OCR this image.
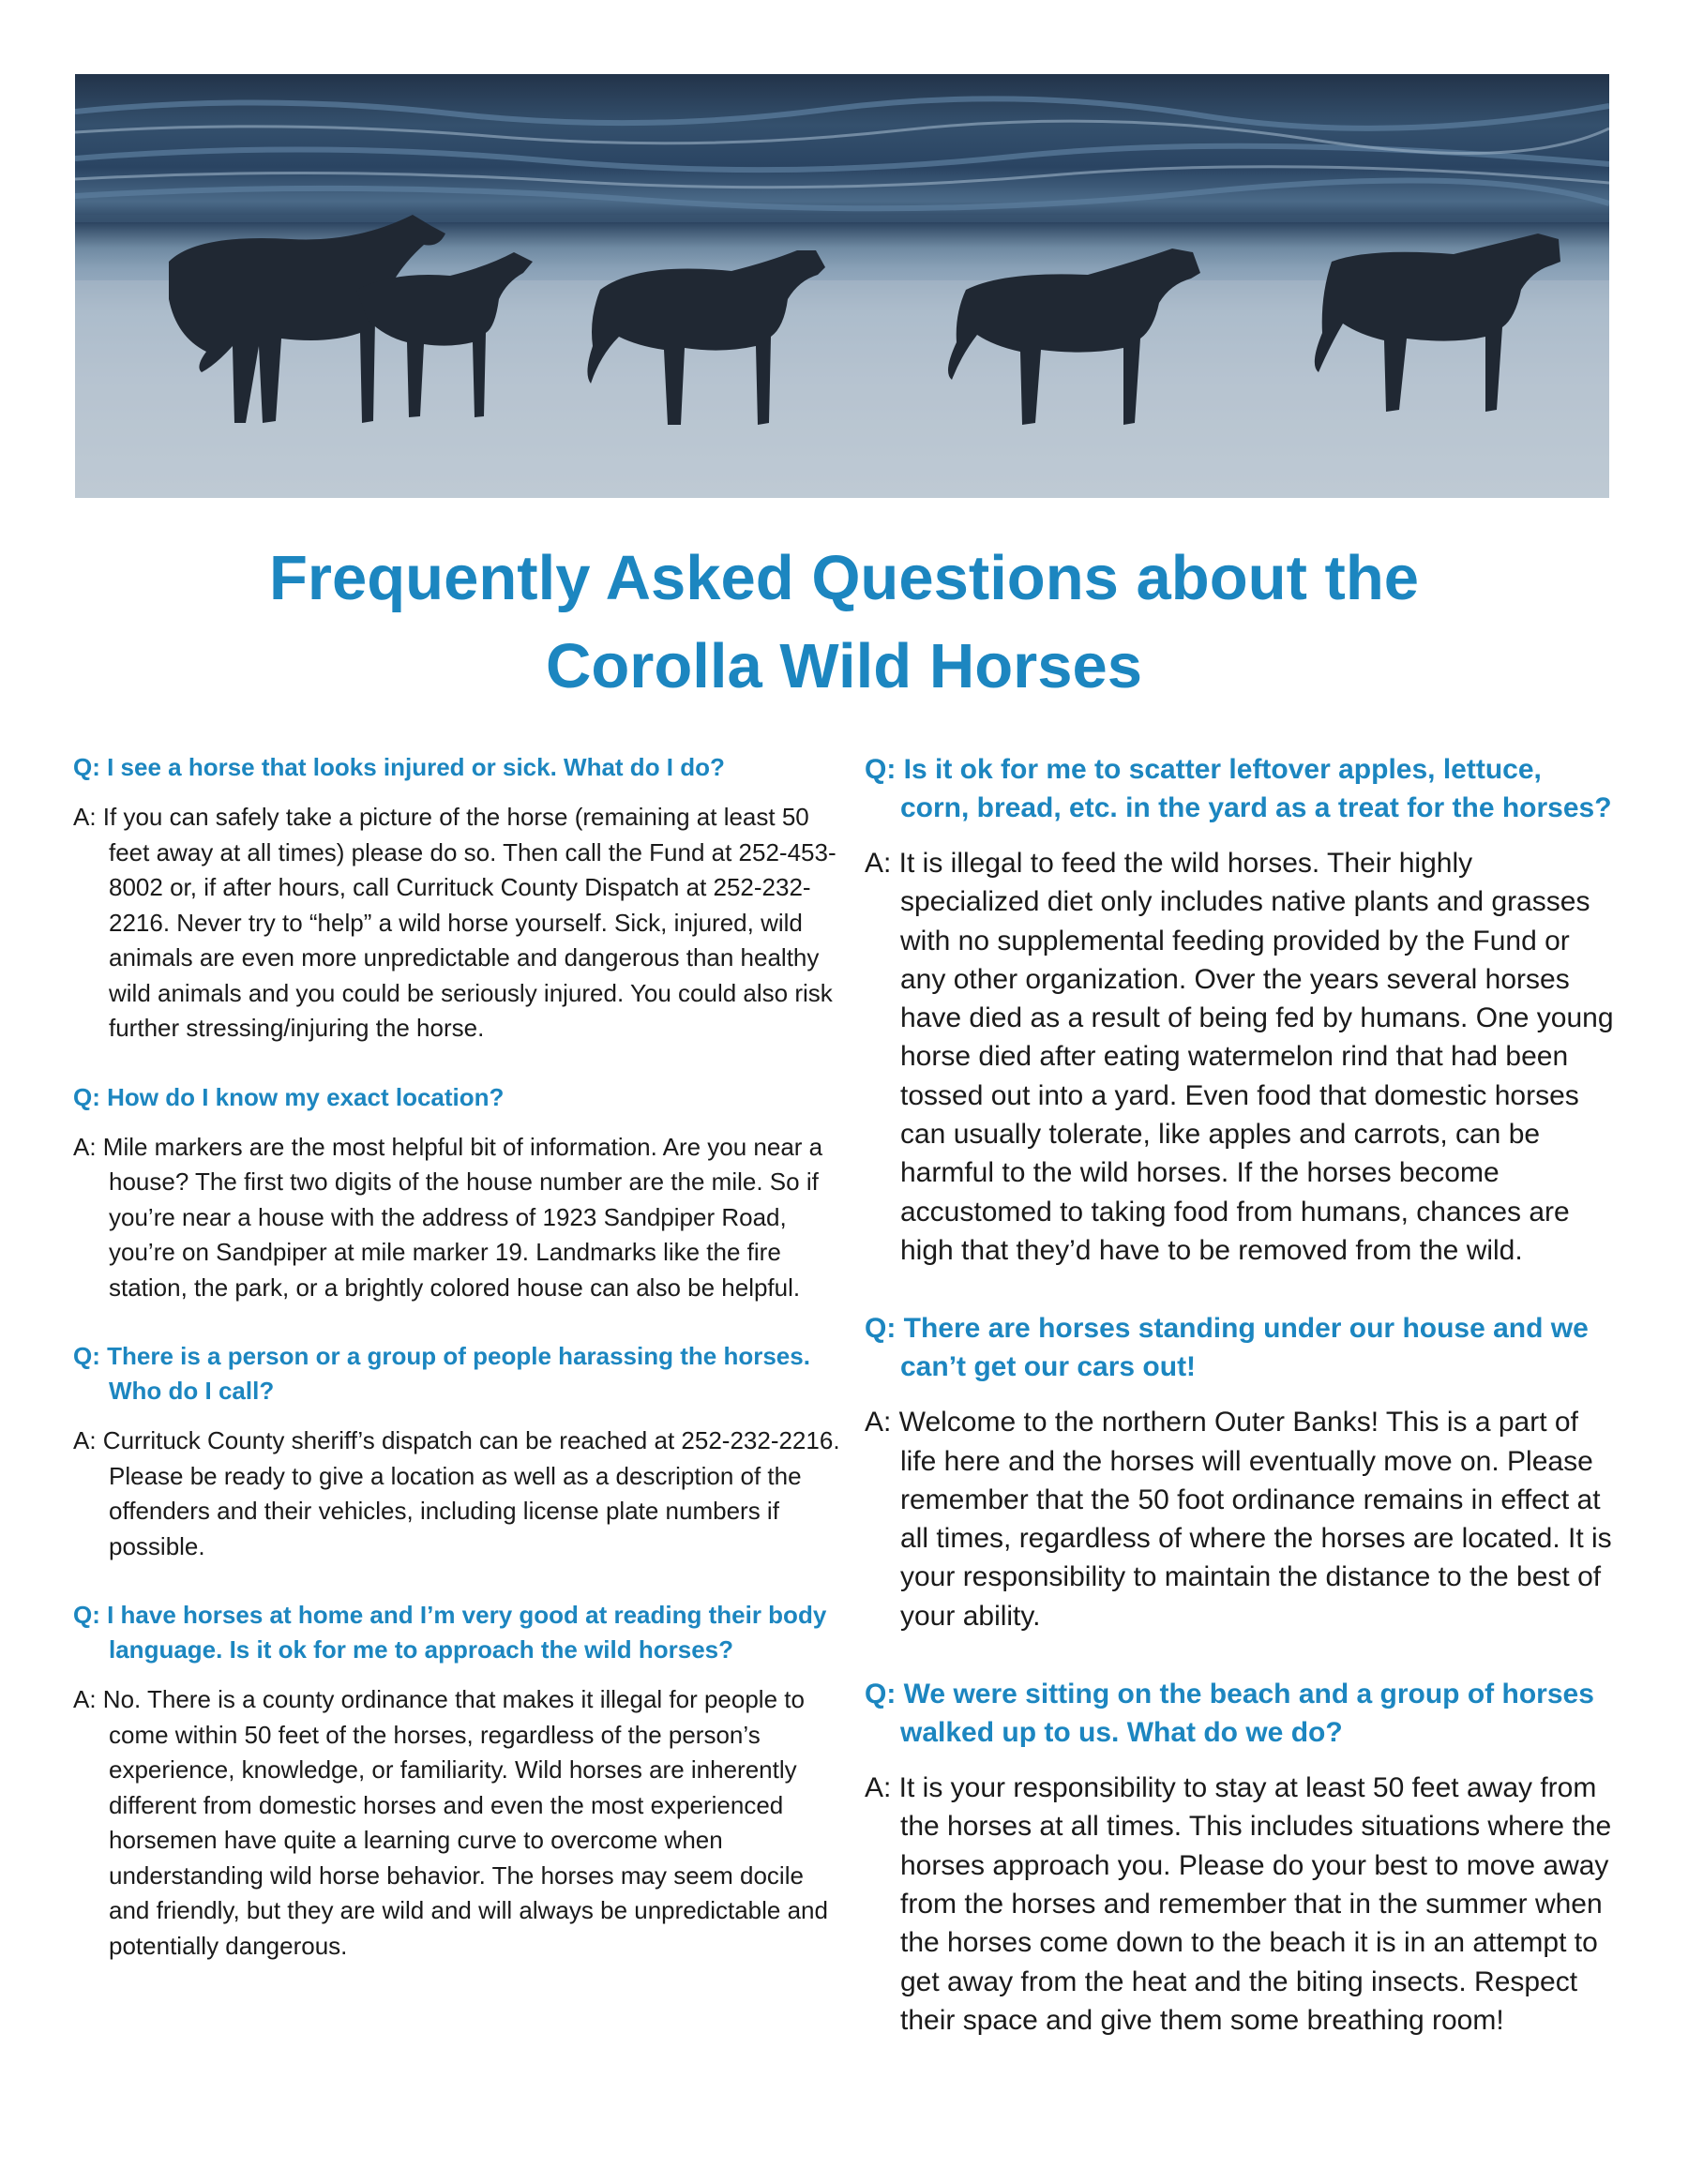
Frequently Asked Questions about the
Corolla Wild Horses

Q: I see a horse that looks injured or sick. What do I do?

A: If you can safely take a picture of the horse (remaining at least 50 feet away at all times) please do so. Then call the Fund at 252-453-8002 or, if after hours, call Currituck County Dispatch at 252-232-2216. Never try to “help” a wild horse yourself. Sick, injured, wild animals are even more unpredictable and dangerous than healthy wild animals and you could be seriously injured. You could also risk further stressing/injuring the horse.

Q: How do I know my exact location?

A: Mile markers are the most helpful bit of information. Are you near a house? The first two digits of the house number are the mile. So if you’re near a house with the address of 1923 Sandpiper Road, you’re on Sandpiper at mile marker 19. Landmarks like the fire station, the park, or a brightly colored house can also be helpful.

Q: There is a person or a group of people harassing the horses. Who do I call?

A: Currituck County sheriff’s dispatch can be reached at 252-232-2216. Please be ready to give a location as well as a description of the offenders and their vehicles, including license plate numbers if possible.

Q: I have horses at home and I’m very good at reading their body language. Is it ok for me to approach the wild horses?

A: No. There is a county ordinance that makes it illegal for people to come within 50 feet of the horses, regardless of the person’s experience, knowledge, or familiarity. Wild horses are inherently different from domestic horses and even the most experienced horsemen have quite a learning curve to overcome when understanding wild horse behavior. The horses may seem docile and friendly, but they are wild and will always be unpredictable and potentially dangerous.

Q: Is it ok for me to scatter leftover apples, lettuce, corn, bread, etc. in the yard as a treat for the horses?

A: It is illegal to feed the wild horses. Their highly specialized diet only includes native plants and grasses with no supplemental feeding provided by the Fund or any other organization. Over the years several horses have died as a result of being fed by humans. One young horse died after eating watermelon rind that had been tossed out into a yard. Even food that domestic horses can usually tolerate, like apples and carrots, can be harmful to the wild horses. If the horses become accustomed to taking food from humans, chances are high that they’d have to be removed from the wild.

Q: There are horses standing under our house and we can’t get our cars out!

A: Welcome to the northern Outer Banks! This is a part of life here and the horses will eventually move on. Please remember that the 50 foot ordinance remains in effect at all times, regardless of where the horses are located. It is your responsibility to maintain the distance to the best of your ability.

Q: We were sitting on the beach and a group of horses walked up to us. What do we do?

A: It is your responsibility to stay at least 50 feet away from the horses at all times. This includes situations where the horses approach you. Please do your best to move away from the horses and remember that in the summer when the horses come down to the beach it is in an attempt to get away from the heat and the biting insects. Respect their space and give them some breathing room!
